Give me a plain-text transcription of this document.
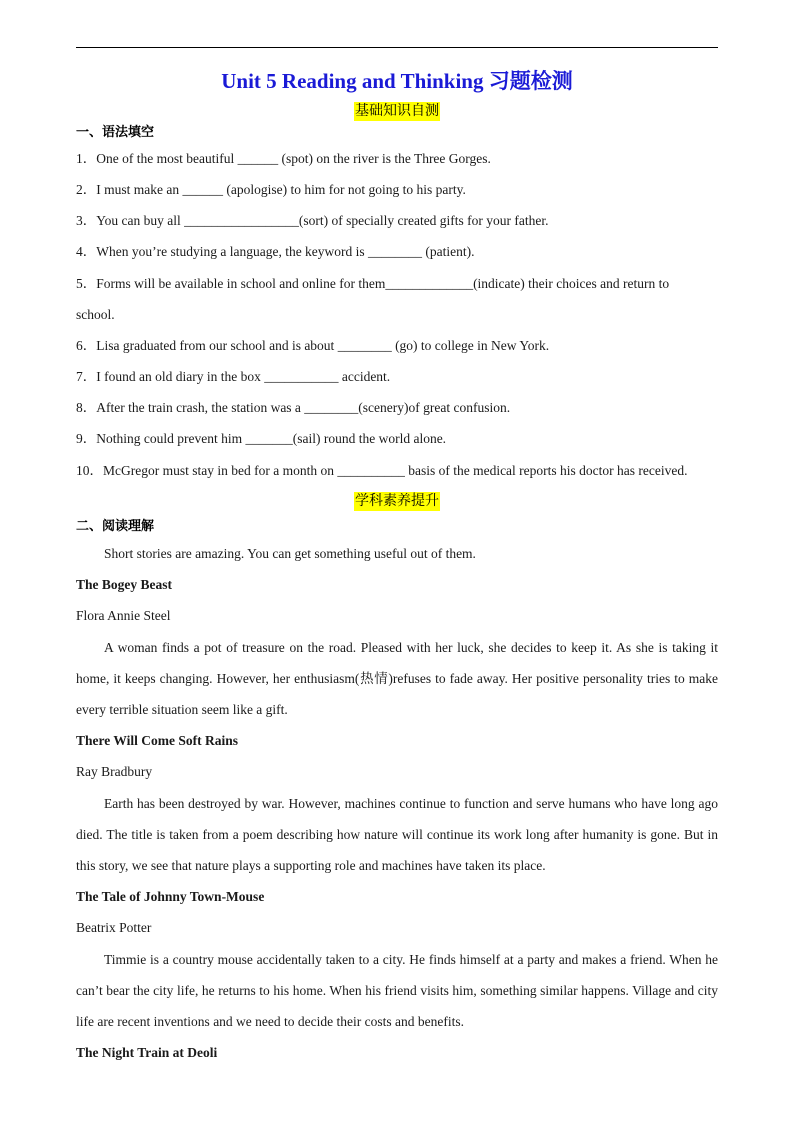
Unit 5 Reading and Thinking 习题检测
基础知识自测
一、语法填空
1．One of the most beautiful ______ (spot) on the river is the Three Gorges.
2．I must make an ______ (apologise) to him for not going to his party.
3．You can buy all _________________(sort) of specially created gifts for your father.
4．When you’re studying a language, the keyword is ________ (patient).
5．Forms will be available in school and online for them_____________(indicate) their choices and return to
school.
6．Lisa graduated from our school and is about ________ (go) to college in New York.
7．I found an old diary in the box ___________ accident.
8．After the train crash, the station was a ________(scenery)of great confusion.
9．Nothing could prevent him _______(sail) round the world alone.
10．McGregor must stay in bed for a month on __________ basis of the medical reports his doctor has received.
学科素养提升
二、阅读理解
Short stories are amazing. You can get something useful out of them.
The Bogey Beast
Flora Annie Steel
A woman finds a pot of treasure on the road. Pleased with her luck, she decides to keep it. As she is taking it home, it keeps changing. However, her enthusiasm(热情)refuses to fade away. Her positive personality tries to make every terrible situation seem like a gift.
There Will Come Soft Rains
Ray Bradbury
Earth has been destroyed by war. However, machines continue to function and serve humans who have long ago died. The title is taken from a poem describing how nature will continue its work long after humanity is gone. But in this story, we see that nature plays a supporting role and machines have taken its place.
The Tale of Johnny Town-Mouse
Beatrix Potter
Timmie is a country mouse accidentally taken to a city. He finds himself at a party and makes a friend. When he can’t bear the city life, he returns to his home. When his friend visits him, something similar happens. Village and city life are recent inventions and we need to decide their costs and benefits.
The Night Train at Deoli
